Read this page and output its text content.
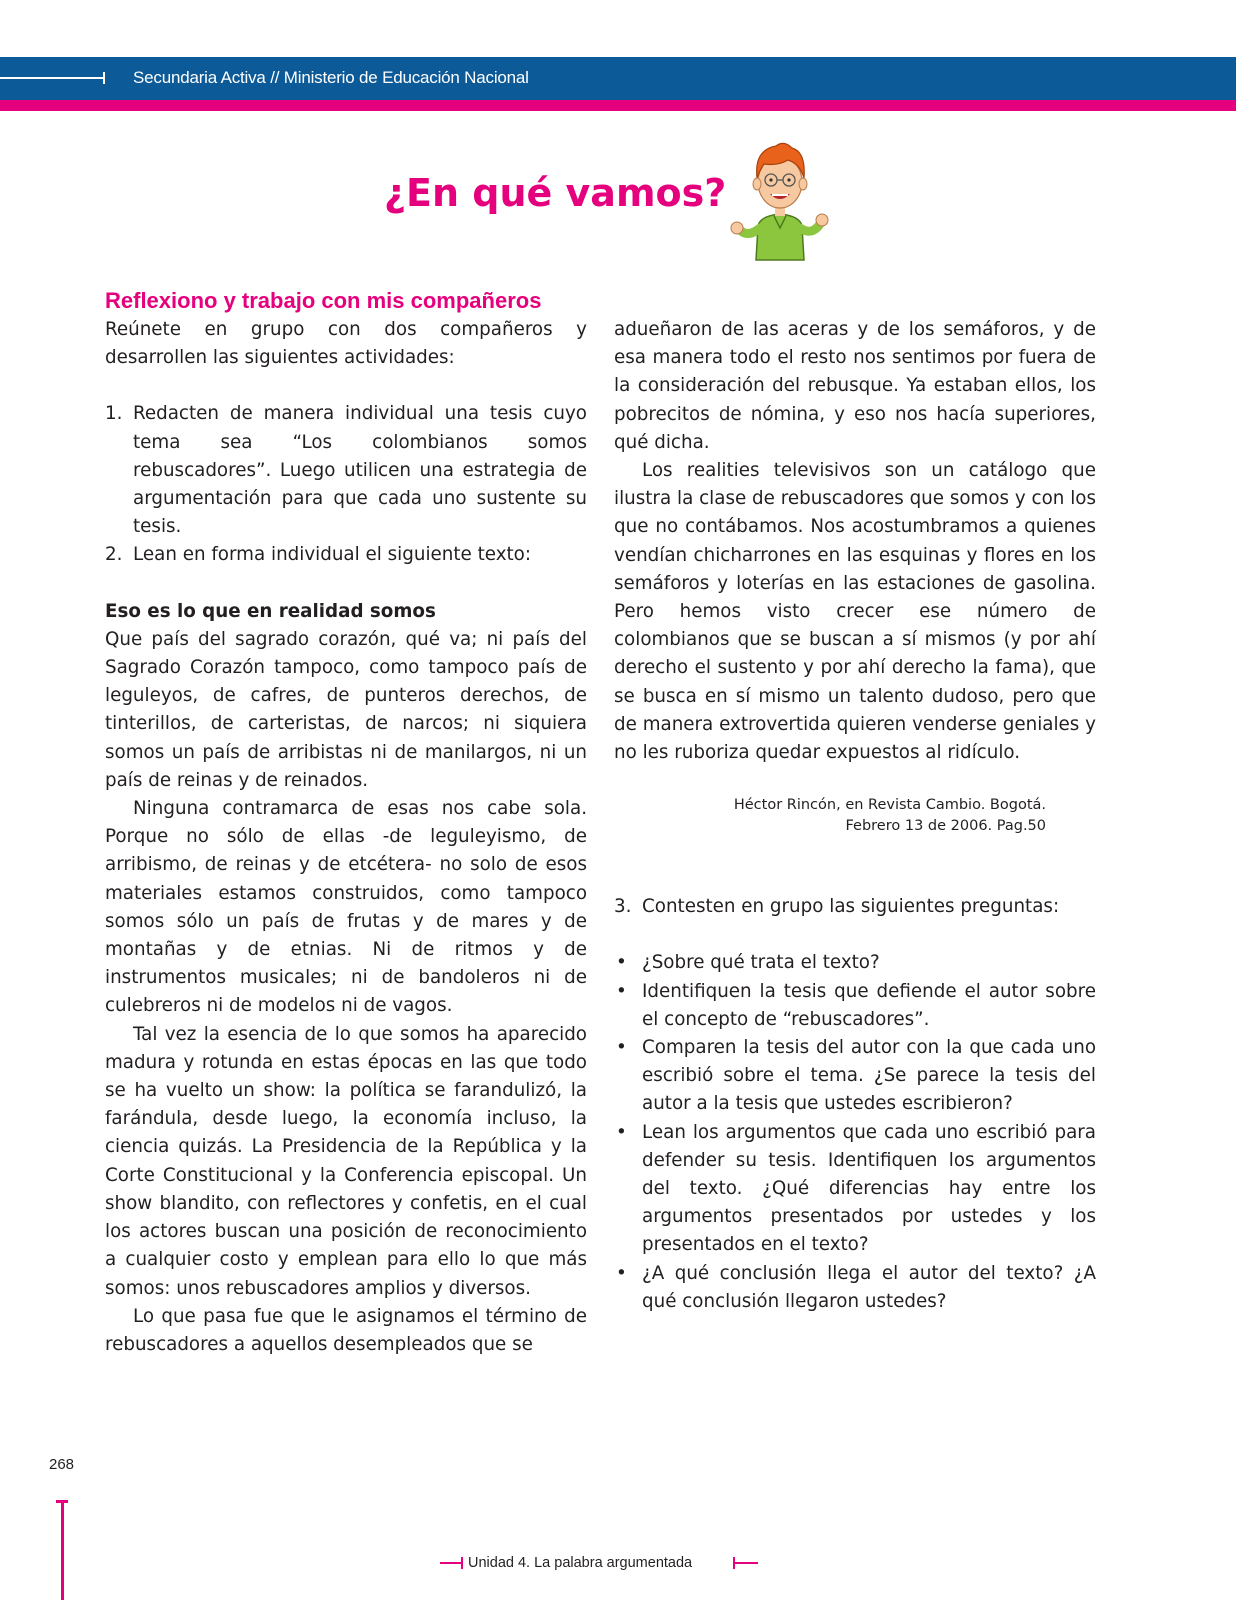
Secundaria Activa // Ministerio de Educación Nacional
¿En qué vamos?
Reflexiono y trabajo con mis compañeros

Reúnete en grupo con dos compañeros y desarrollen las siguientes actividades:

1. Redacten de manera individual una tesis cuyo tema sea “Los colombianos somos rebuscadores”. Luego utilicen una estrategia de argumentación para que cada uno sustente su tesis.
2. Lean en forma individual el siguiente texto:

Eso es lo que en realidad somos

Que país del sagrado corazón, qué va; ni país del Sagrado Corazón tampoco, como tampoco país de leguleyos, de cafres, de punteros derechos, de tinterillos, de carteristas, de narcos; ni siquiera somos un país de arribistas ni de manilargos, ni un país de reinas y de reinados.

Ninguna contramarca de esas nos cabe sola. Porque no sólo de ellas -de leguleyismo, de arribismo, de reinas y de etcétera- no solo de esos materiales estamos construidos, como tampoco somos sólo un país de frutas y de mares y de montañas y de etnias. Ni de ritmos y de instrumentos musicales; ni de bandoleros ni de culebreros ni de modelos ni de vagos.

Tal vez la esencia de lo que somos ha aparecido madura y rotunda en estas épocas en las que todo se ha vuelto un show: la política se farandulizó, la farándula, desde luego, la economía incluso, la ciencia quizás. La Presidencia de la República y la Corte Constitucional y la Conferencia episcopal. Un show blandito, con reflectores y confetis, en el cual los actores buscan una posición de reconocimiento a cualquier costo y emplean para ello lo que más somos: unos rebuscadores amplios y diversos.

Lo que pasa fue que le asignamos el término de rebuscadores a aquellos desempleados que se

adueñaron de las aceras y de los semáforos, y de esa manera todo el resto nos sentimos por fuera de la consideración del rebusque. Ya estaban ellos, los pobrecitos de nómina, y eso nos hacía superiores, qué dicha.

Los realities televisivos son un catálogo que ilustra la clase de rebuscadores que somos y con los que no contábamos. Nos acostumbramos a quienes vendían chicharrones en las esquinas y flores en los semáforos y loterías en las estaciones de gasolina. Pero hemos visto crecer ese número de colombianos que se buscan a sí mismos (y por ahí derecho el sustento y por ahí derecho la fama), que se busca en sí mismo un talento dudoso, pero que de manera extrovertida quieren venderse geniales y no les ruboriza quedar expuestos al ridículo.

Héctor Rincón, en Revista Cambio. Bogotá.
Febrero 13 de 2006. Pag.50

3. Contesten en grupo las siguientes preguntas:

• ¿Sobre qué trata el texto?
• Identifiquen la tesis que defiende el autor sobre el concepto de “rebuscadores”.
• Comparen la tesis del autor con la que cada uno escribió sobre el tema. ¿Se parece la tesis del autor a la tesis que ustedes escribieron?
• Lean los argumentos que cada uno escribió para defender su tesis. Identifiquen los argumentos del texto. ¿Qué diferencias hay entre los argumentos presentados por ustedes y los presentados en el texto?
• ¿A qué conclusión llega el autor del texto? ¿A qué conclusión llegaron ustedes?
268
Unidad 4. La palabra argumentada
